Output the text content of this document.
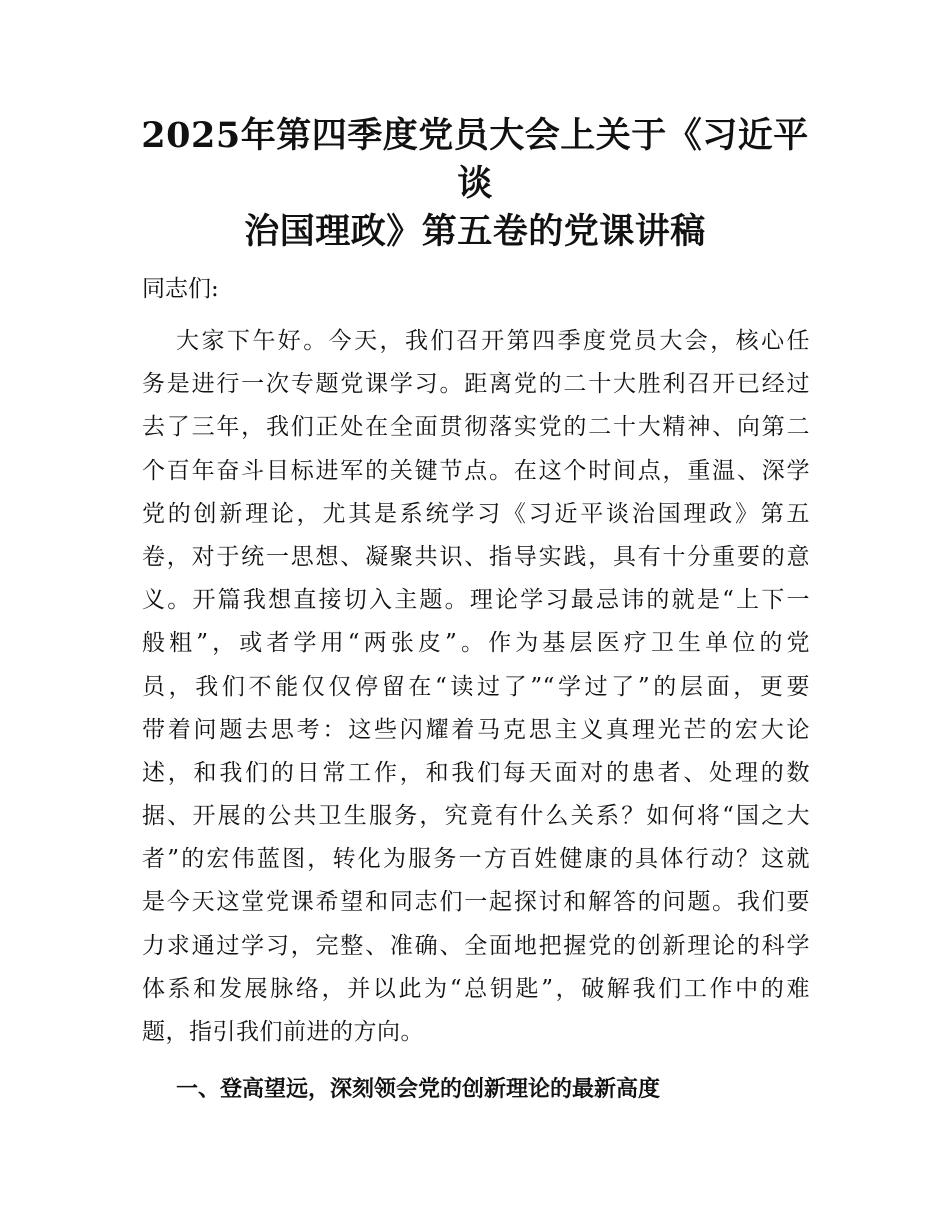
2025年第四季度党员大会上关于《习近平谈
治国理政》第五卷的党课讲稿
同志们:
大家下午好。今天，我们召开第四季度党员大会，核心任
务是进行一次专题党课学习。距离党的二十大胜利召开已经过
去了三年，我们正处在全面贯彻落实党的二十大精神、向第二
个百年奋斗目标进军的关键节点。在这个时间点，重温、深学
党的创新理论，尤其是系统学习《习近平谈治国理政》第五
卷，对于统一思想、凝聚共识、指导实践，具有十分重要的意
义。开篇我想直接切入主题。理论学习最忌讳的就是“上下一
般粗”，或者学用“两张皮”。作为基层医疗卫生单位的党
员，我们不能仅仅停留在“读过了”“学过了”的层面，更要
带着问题去思考：这些闪耀着马克思主义真理光芒的宏大论
述，和我们的日常工作，和我们每天面对的患者、处理的数
据、开展的公共卫生服务，究竟有什么关系？如何将“国之大
者”的宏伟蓝图，转化为服务一方百姓健康的具体行动？这就
是今天这堂党课希望和同志们一起探讨和解答的问题。我们要
力求通过学习，完整、准确、全面地把握党的创新理论的科学
体系和发展脉络，并以此为“总钥匙”，破解我们工作中的难
题，指引我们前进的方向。
一、登高望远，深刻领会党的创新理论的最新高度
